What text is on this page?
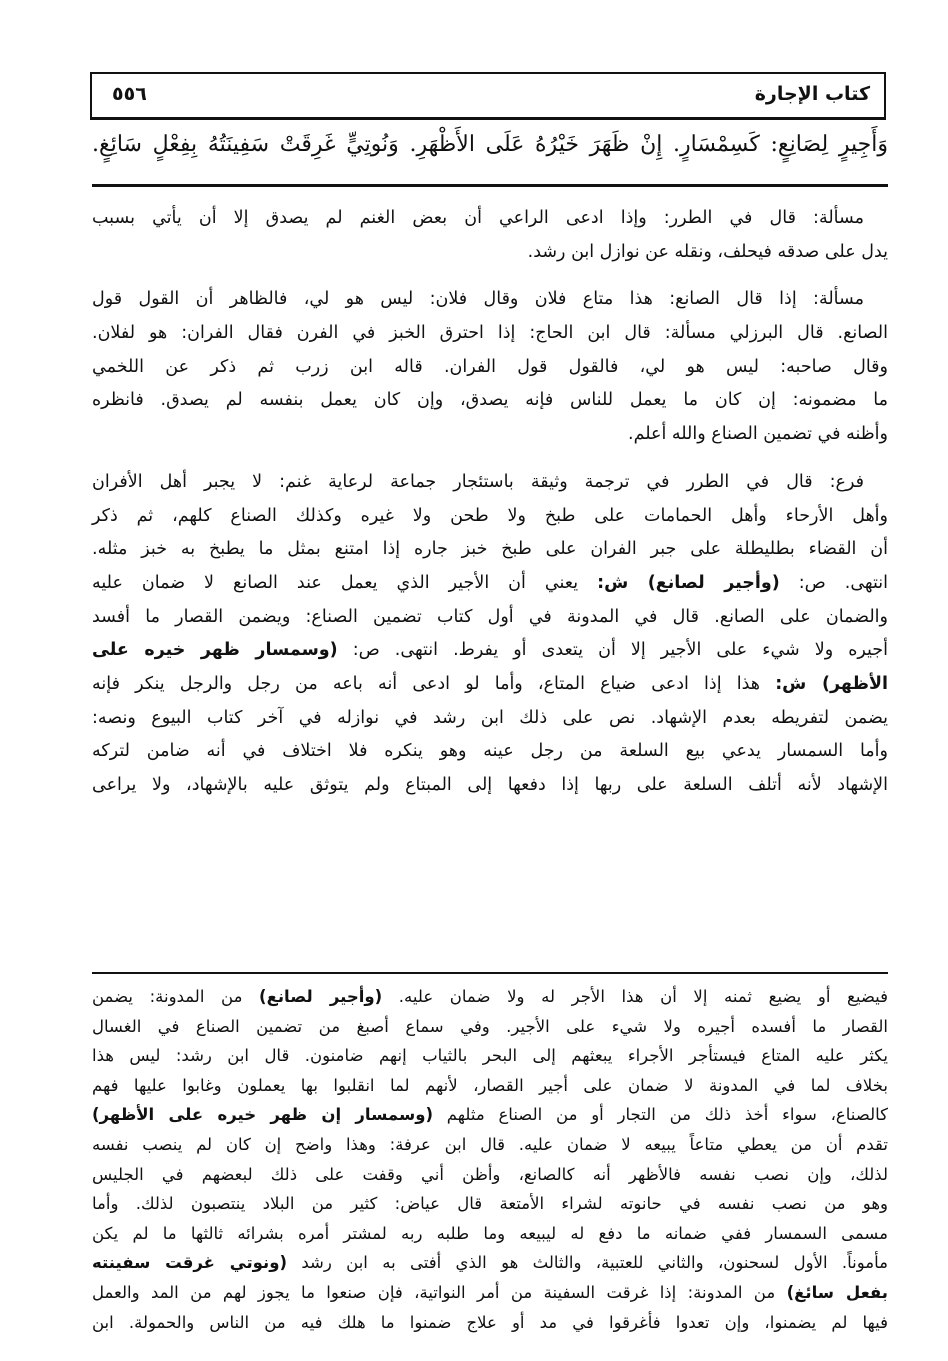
كتاب الإجارة
٥٥٦
وَأَجِيرٍ لِصَانِعٍ: كَسِمْسَارٍ. إِنْ ظَهَرَ خَيْرُهُ عَلَى الأَظْهَرِ. وَنُوتِيٍّ غَرِقَتْ سَفِينَتُهُ بِفِعْلٍ سَائِغٍ.
مسألة: قال في الطرر: وإذا ادعى الراعي أن بعض الغنم لم يصدق إلا أن يأتي بسبب
يدل على صدقه فيحلف، ونقله عن نوازل ابن رشد.
مسألة: إذا قال الصانع: هذا متاع فلان وقال فلان: ليس هو لي، فالظاهر أن القول قول
الصانع. قال البرزلي مسألة: قال ابن الحاج: إذا احترق الخبز في الفرن فقال الفران: هو لفلان.
وقال صاحبه: ليس هو لي، فالقول قول الفران. قاله ابن زرب ثم ذكر عن اللخمي
ما مضمونه: إن كان ما يعمل للناس فإنه يصدق، وإن كان يعمل بنفسه لم يصدق. فانظره
وأظنه في تضمين الصناع والله أعلم.
فرع: قال في الطرر في ترجمة وثيقة باستئجار جماعة لرعاية غنم: لا يجبر أهل الأفران
وأهل الأرحاء وأهل الحمامات على طبخ ولا طحن ولا غيره وكذلك الصناع كلهم، ثم ذكر
أن القضاء بطليطلة على جبر الفران على طبخ خبز جاره إذا امتنع بمثل ما يطبخ به خبز مثله.
انتهى. ص: (وأجير لصانع) ش: يعني أن الأجير الذي يعمل عند الصانع لا ضمان عليه
والضمان على الصانع. قال في المدونة في أول كتاب تضمين الصناع: ويضمن القصار ما أفسد
أجيره ولا شيء على الأجير إلا أن يتعدى أو يفرط. انتهى. ص: (وسمسار ظهر خيره على
الأظهر) ش: هذا إذا ادعى ضياع المتاع، وأما لو ادعى أنه باعه من رجل والرجل ينكر فإنه
يضمن لتفريطه بعدم الإشهاد. نص على ذلك ابن رشد في نوازله في آخر كتاب البيوع ونصه:
وأما السمسار يدعي بيع السلعة من رجل عينه وهو ينكره فلا اختلاف في أنه ضامن لتركه
الإشهاد لأنه أتلف السلعة على ربها إذا دفعها إلى المبتاع ولم يتوثق عليه بالإشهاد، ولا يراعى
فيضيع أو يضيع ثمنه إلا أن هذا الأجر له ولا ضمان عليه. (وأجير لصانع) من المدونة: يضمن
القصار ما أفسده أجيره ولا شيء على الأجير. وفي سماع أصبغ من تضمين الصناع في الغسال
يكثر عليه المتاع فيستأجر الأجراء يبعثهم إلى البحر بالثياب إنهم ضامنون. قال ابن رشد: ليس هذا
بخلاف لما في المدونة لا ضمان على أجير القصار، لأنهم لما انقلبوا بها يعملون وغابوا عليها فهم
كالصناع، سواء أخذ ذلك من التجار أو من الصناع مثلهم (وسمسار إن ظهر خيره على الأظهر)
تقدم أن من يعطي متاعاً يبيعه لا ضمان عليه. قال ابن عرفة: وهذا واضح إن كان لم ينصب نفسه
لذلك، وإن نصب نفسه فالأظهر أنه كالصانع، وأظن أني وقفت على ذلك لبعضهم في الجليس
وهو من نصب نفسه في حانوته لشراء الأمتعة قال عياض: كثير من البلاد ينتصبون لذلك. وأما
مسمى السمسار ففي ضمانه ما دفع له ليبيعه وما طلبه ربه لمشتر أمره بشرائه ثالثها ما لم يكن
مأموناً. الأول لسحنون، والثاني للعتبية، والثالث هو الذي أفتى به ابن رشد (ونوتي غرقت سفينته
بفعل سائغ) من المدونة: إذا غرقت السفينة من أمر النواتية، فإن صنعوا ما يجوز لهم من المد والعمل
فيها لم يضمنوا، وإن تعدوا فأغرقوا في مد أو علاج ضمنوا ما هلك فيه من الناس والحمولة. ابن
